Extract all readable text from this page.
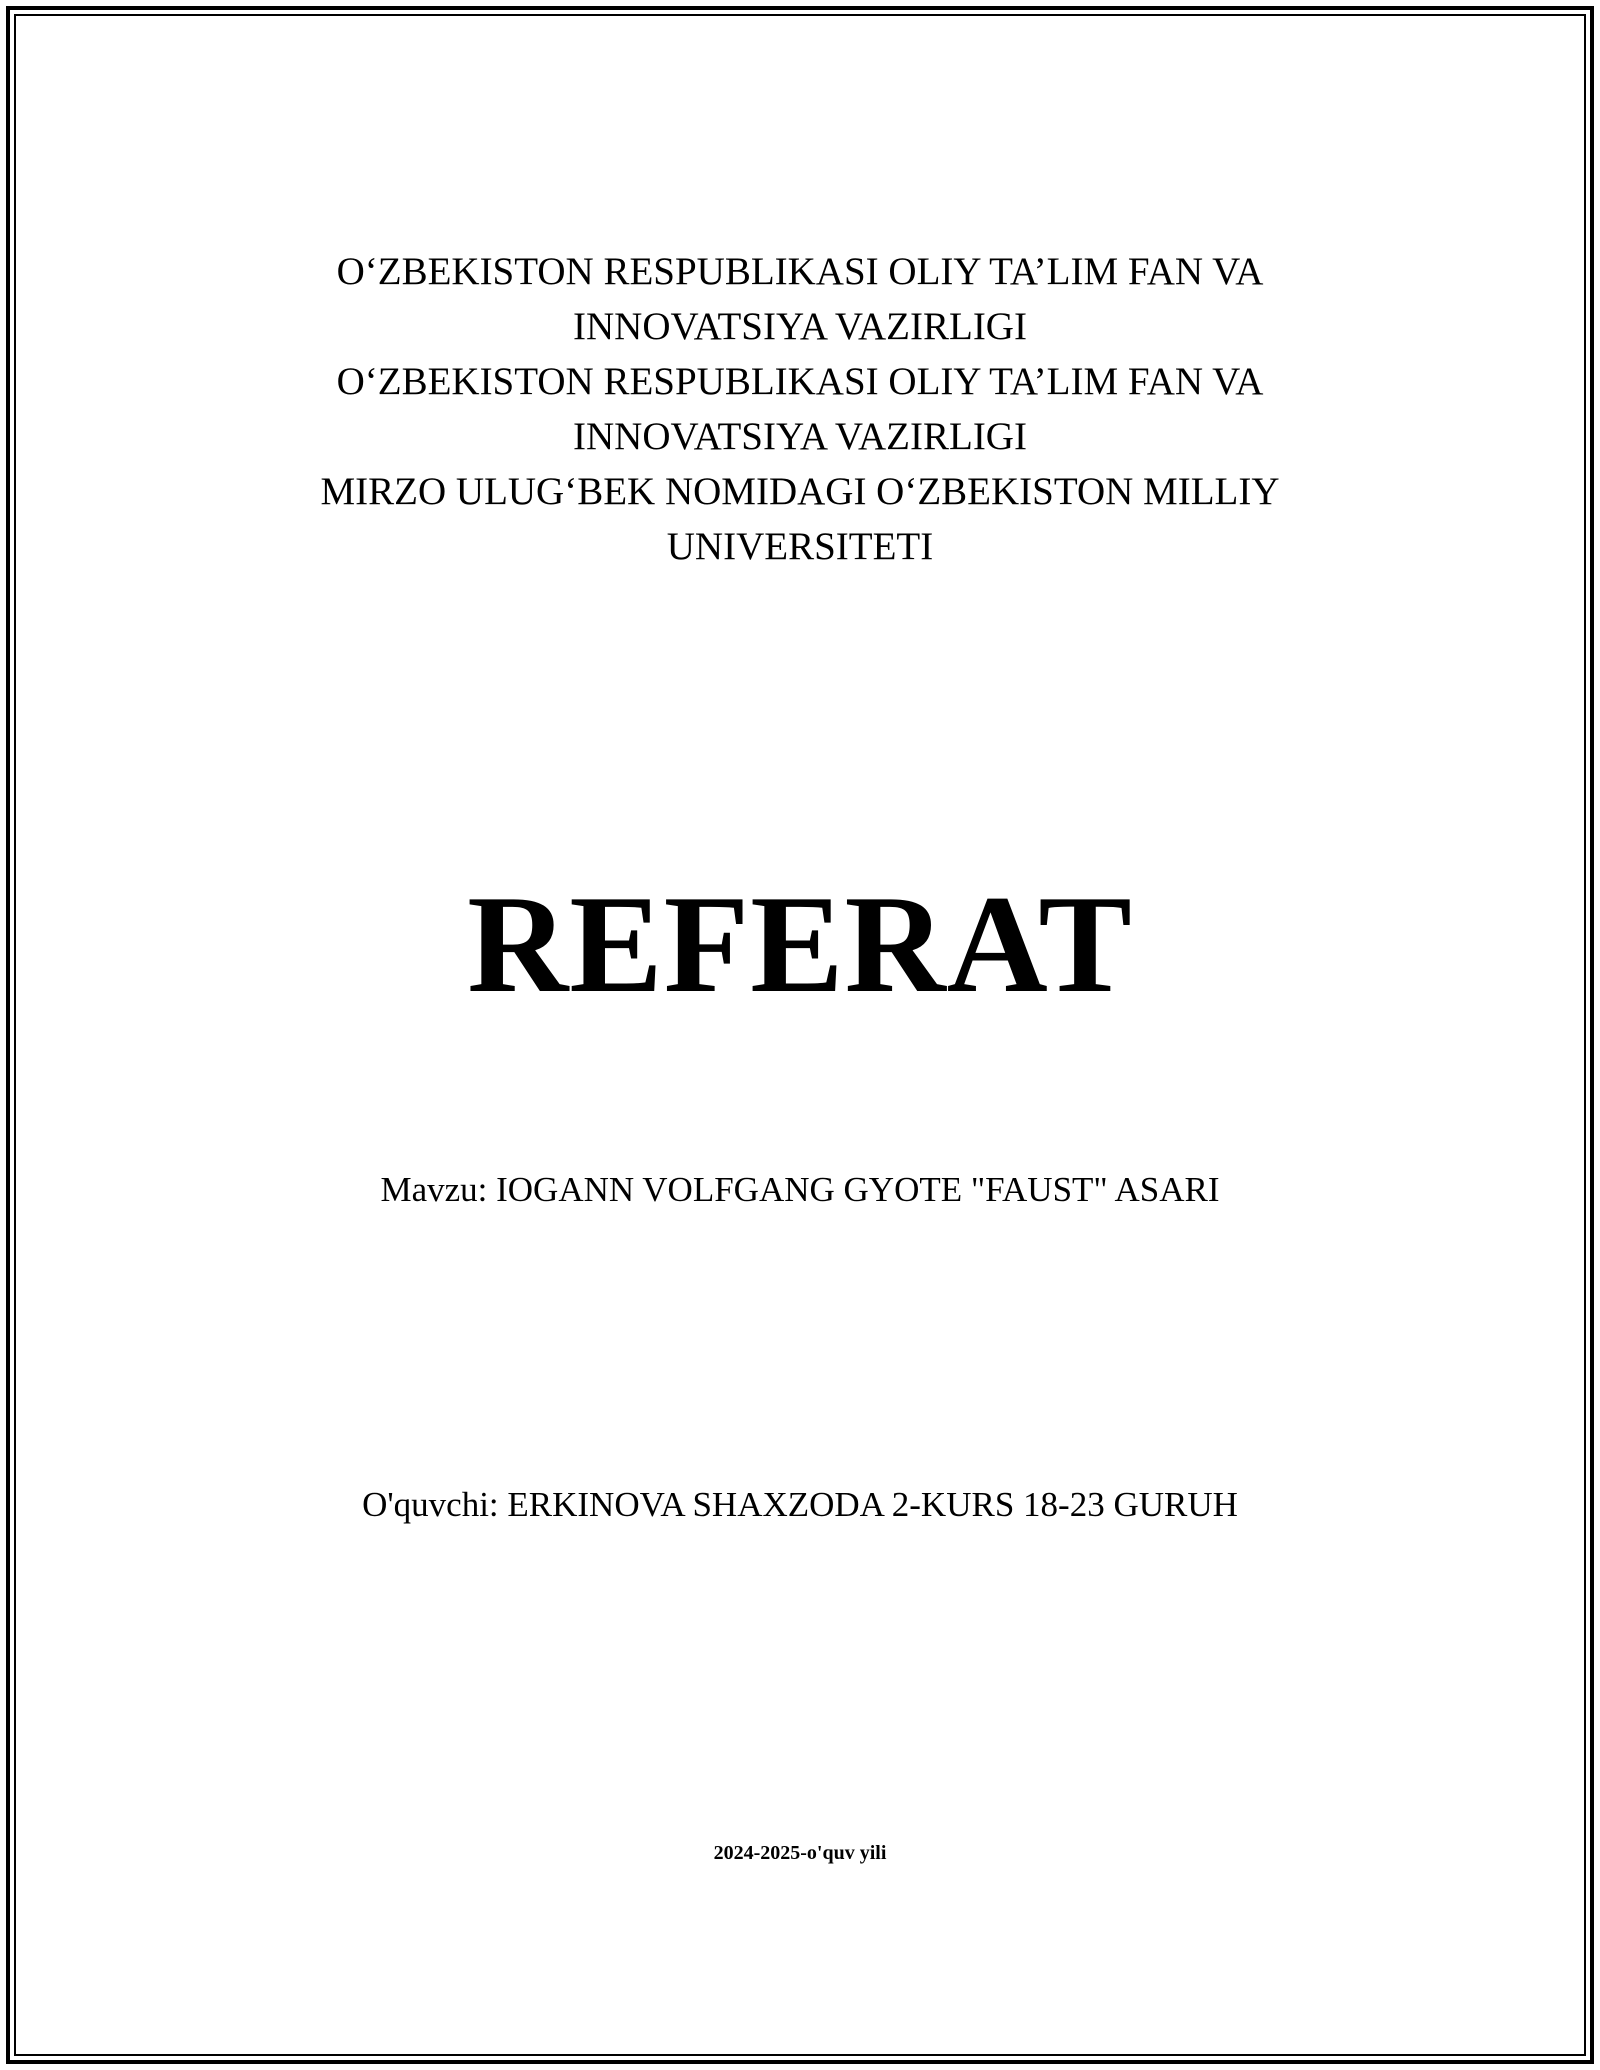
O‘ZBEKISTON RESPUBLIKASI OLIY TA’LIM FAN VA
INNOVATSIYA VAZIRLIGI
O‘ZBEKISTON RESPUBLIKASI OLIY TA’LIM FAN VA
INNOVATSIYA VAZIRLIGI
MIRZO ULUG‘BEK NOMIDAGI O‘ZBEKISTON MILLIY
UNIVERSITETI
REFERAT
Mavzu: IOGANN VOLFGANG GYOTE "FAUST" ASARI
O'quvchi: ERKINOVA SHAXZODA 2-KURS 18-23 GURUH
2024-2025-o'quv yili
